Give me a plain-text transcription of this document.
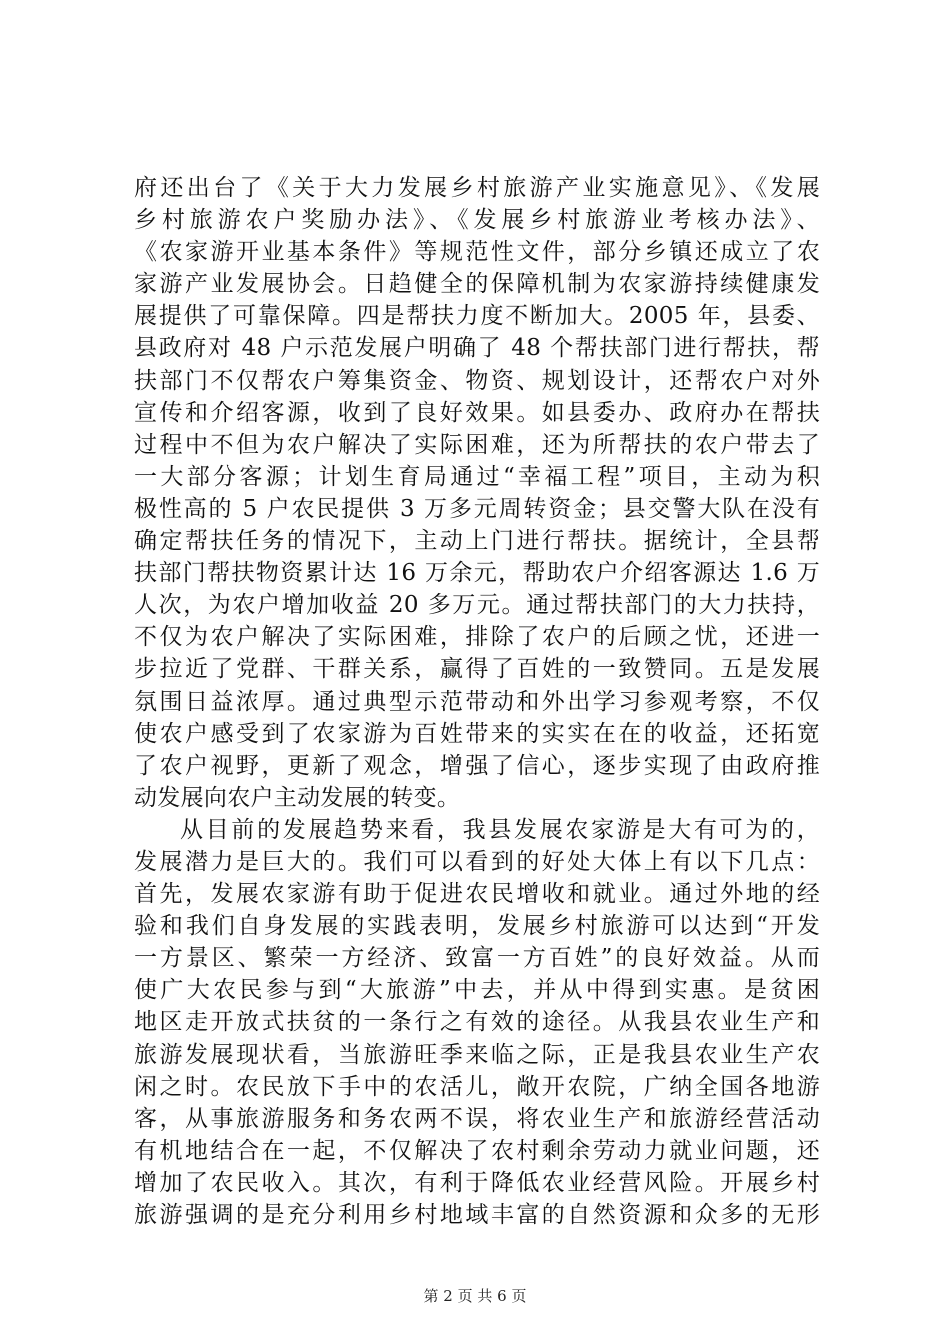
府还出台了《关于大力发展乡村旅游产业实施意见》、《发展
乡村旅游农户奖励办法》、《发展乡村旅游业考核办法》、
《农家游开业基本条件》等规范性文件，部分乡镇还成立了农
家游产业发展协会。日趋健全的保障机制为农家游持续健康发
展提供了可靠保障。四是帮扶力度不断加大。2005 年，县委、
县政府对 48 户示范发展户明确了 48 个帮扶部门进行帮扶，帮
扶部门不仅帮农户筹集资金、物资、规划设计，还帮农户对外
宣传和介绍客源，收到了良好效果。如县委办、政府办在帮扶
过程中不但为农户解决了实际困难，还为所帮扶的农户带去了
一大部分客源；计划生育局通过“幸福工程”项目，主动为积
极性高的 5 户农民提供 3 万多元周转资金；县交警大队在没有
确定帮扶任务的情况下，主动上门进行帮扶。据统计，全县帮
扶部门帮扶物资累计达 16 万余元，帮助农户介绍客源达 1.6 万
人次，为农户增加收益 20 多万元。通过帮扶部门的大力扶持，
不仅为农户解决了实际困难，排除了农户的后顾之忧，还进一
步拉近了党群、干群关系，赢得了百姓的一致赞同。五是发展
氛围日益浓厚。通过典型示范带动和外出学习参观考察，不仅
使农户感受到了农家游为百姓带来的实实在在的收益，还拓宽
了农户视野，更新了观念，增强了信心，逐步实现了由政府推
动发展向农户主动发展的转变。
从目前的发展趋势来看，我县发展农家游是大有可为的，
发展潜力是巨大的。我们可以看到的好处大体上有以下几点：
首先，发展农家游有助于促进农民增收和就业。通过外地的经
验和我们自身发展的实践表明，发展乡村旅游可以达到“开发
一方景区、繁荣一方经济、致富一方百姓”的良好效益。从而
使广大农民参与到“大旅游”中去，并从中得到实惠。是贫困
地区走开放式扶贫的一条行之有效的途径。从我县农业生产和
旅游发展现状看，当旅游旺季来临之际，正是我县农业生产农
闲之时。农民放下手中的农活儿，敞开农院，广纳全国各地游
客，从事旅游服务和务农两不误，将农业生产和旅游经营活动
有机地结合在一起，不仅解决了农村剩余劳动力就业问题，还
增加了农民收入。其次，有利于降低农业经营风险。开展乡村
旅游强调的是充分利用乡村地域丰富的自然资源和众多的无形
第 2 页 共 6 页
